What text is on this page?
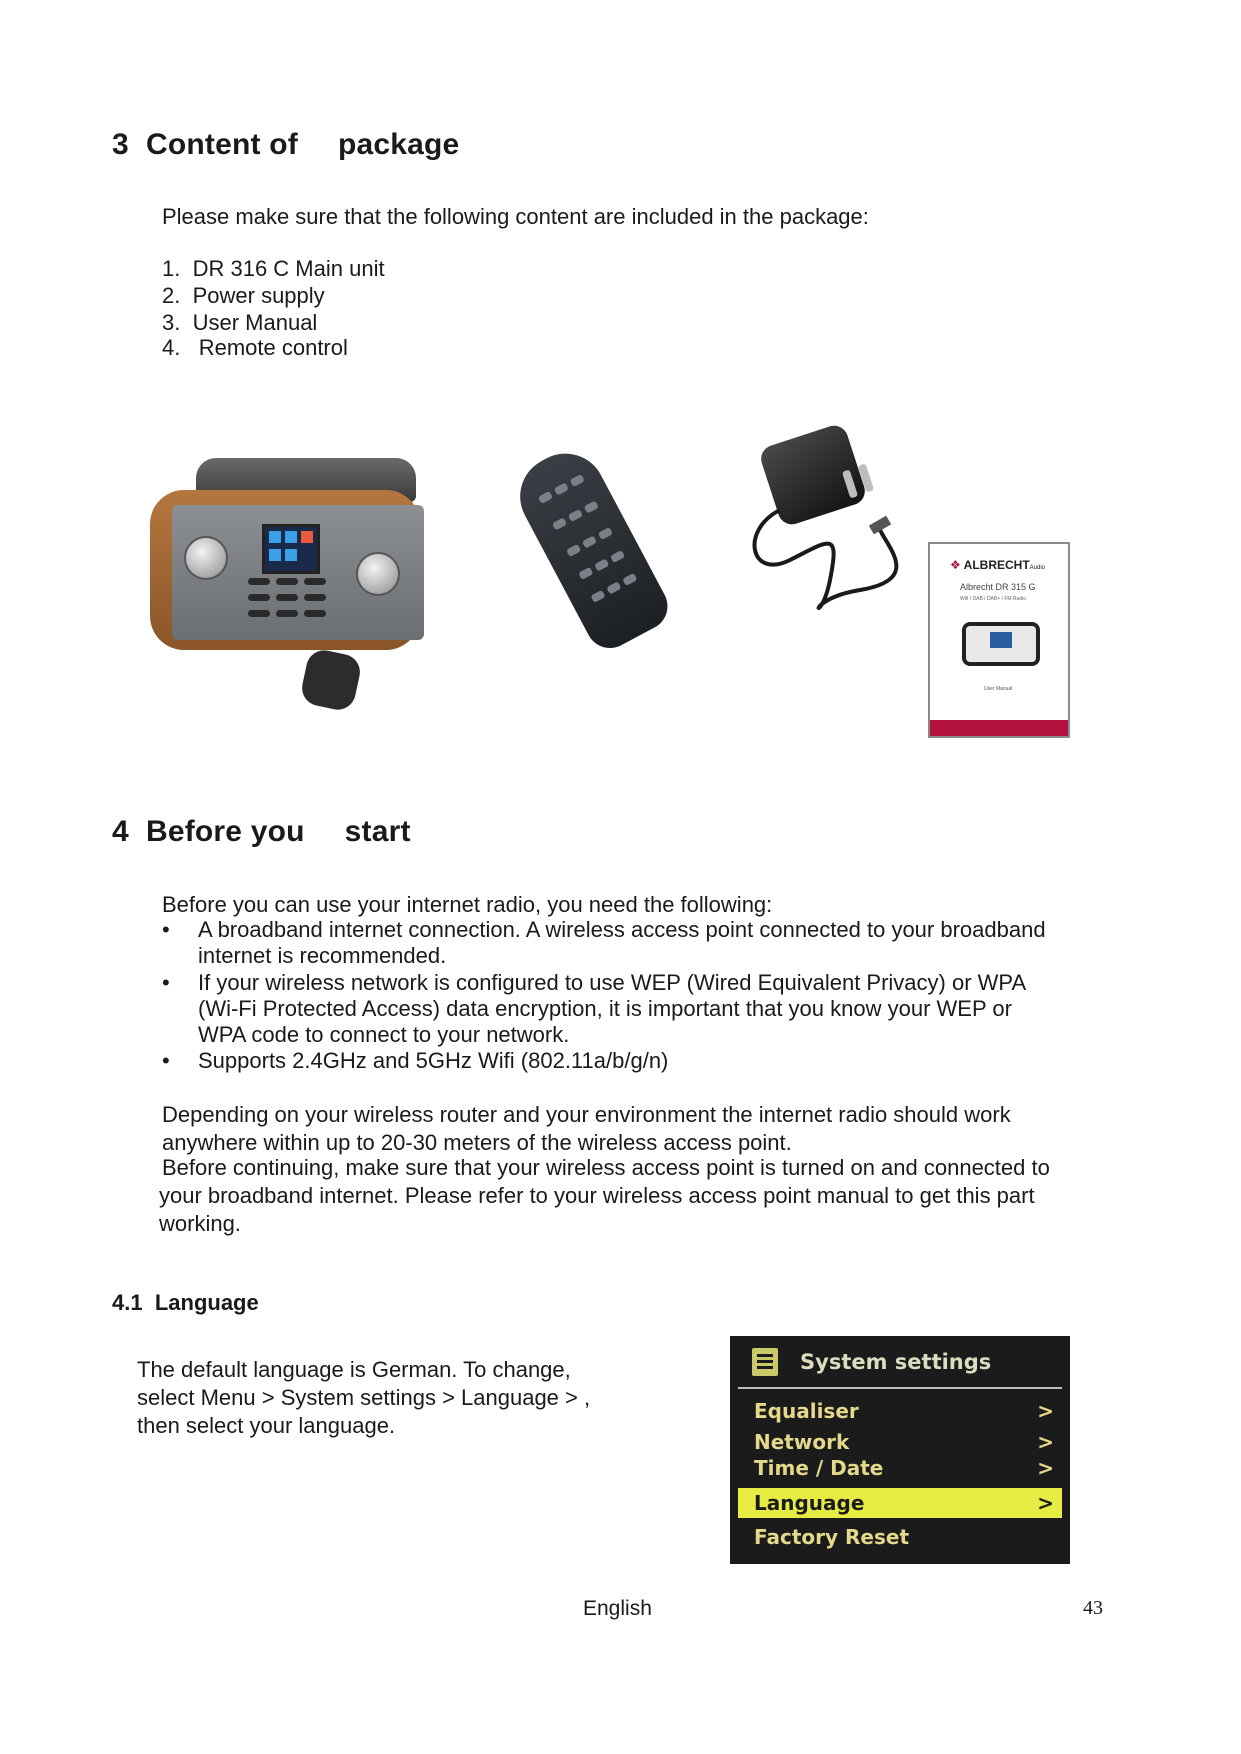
3 Content of package
Please make sure that the following content are included in the package:
1. DR 316 C Main unit
2. Power supply
3. User Manual
4. Remote control
❖ ALBRECHTAudio
Albrecht DR 315 G
Wifi / DAB / DAB+ / FM Radio
User Manual
4 Before you start
Before you can use your internet radio, you need the following:
• A broadband internet connection. A wireless access point connected to your broadband
internet is recommended.
• If your wireless network is configured to use WEP (Wired Equivalent Privacy) or WPA
(Wi-Fi Protected Access) data encryption, it is important that you know your WEP or
WPA code to connect to your network.
• Supports 2.4GHz and 5GHz Wifi (802.11a/b/g/n)
Depending on your wireless router and your environment the internet radio should work
anywhere within up to 20-30 meters of the wireless access point.
Before continuing, make sure that your wireless access point is turned on and connected to
your broadband internet. Please refer to your wireless access point manual to get this part
working.
4.1 Language
The default language is German. To change,
select Menu > System settings > Language > ,
then select your language.
System settings
Equaliser	>
Network	>
Time / Date	>
Language	>
Factory Reset
English	43
